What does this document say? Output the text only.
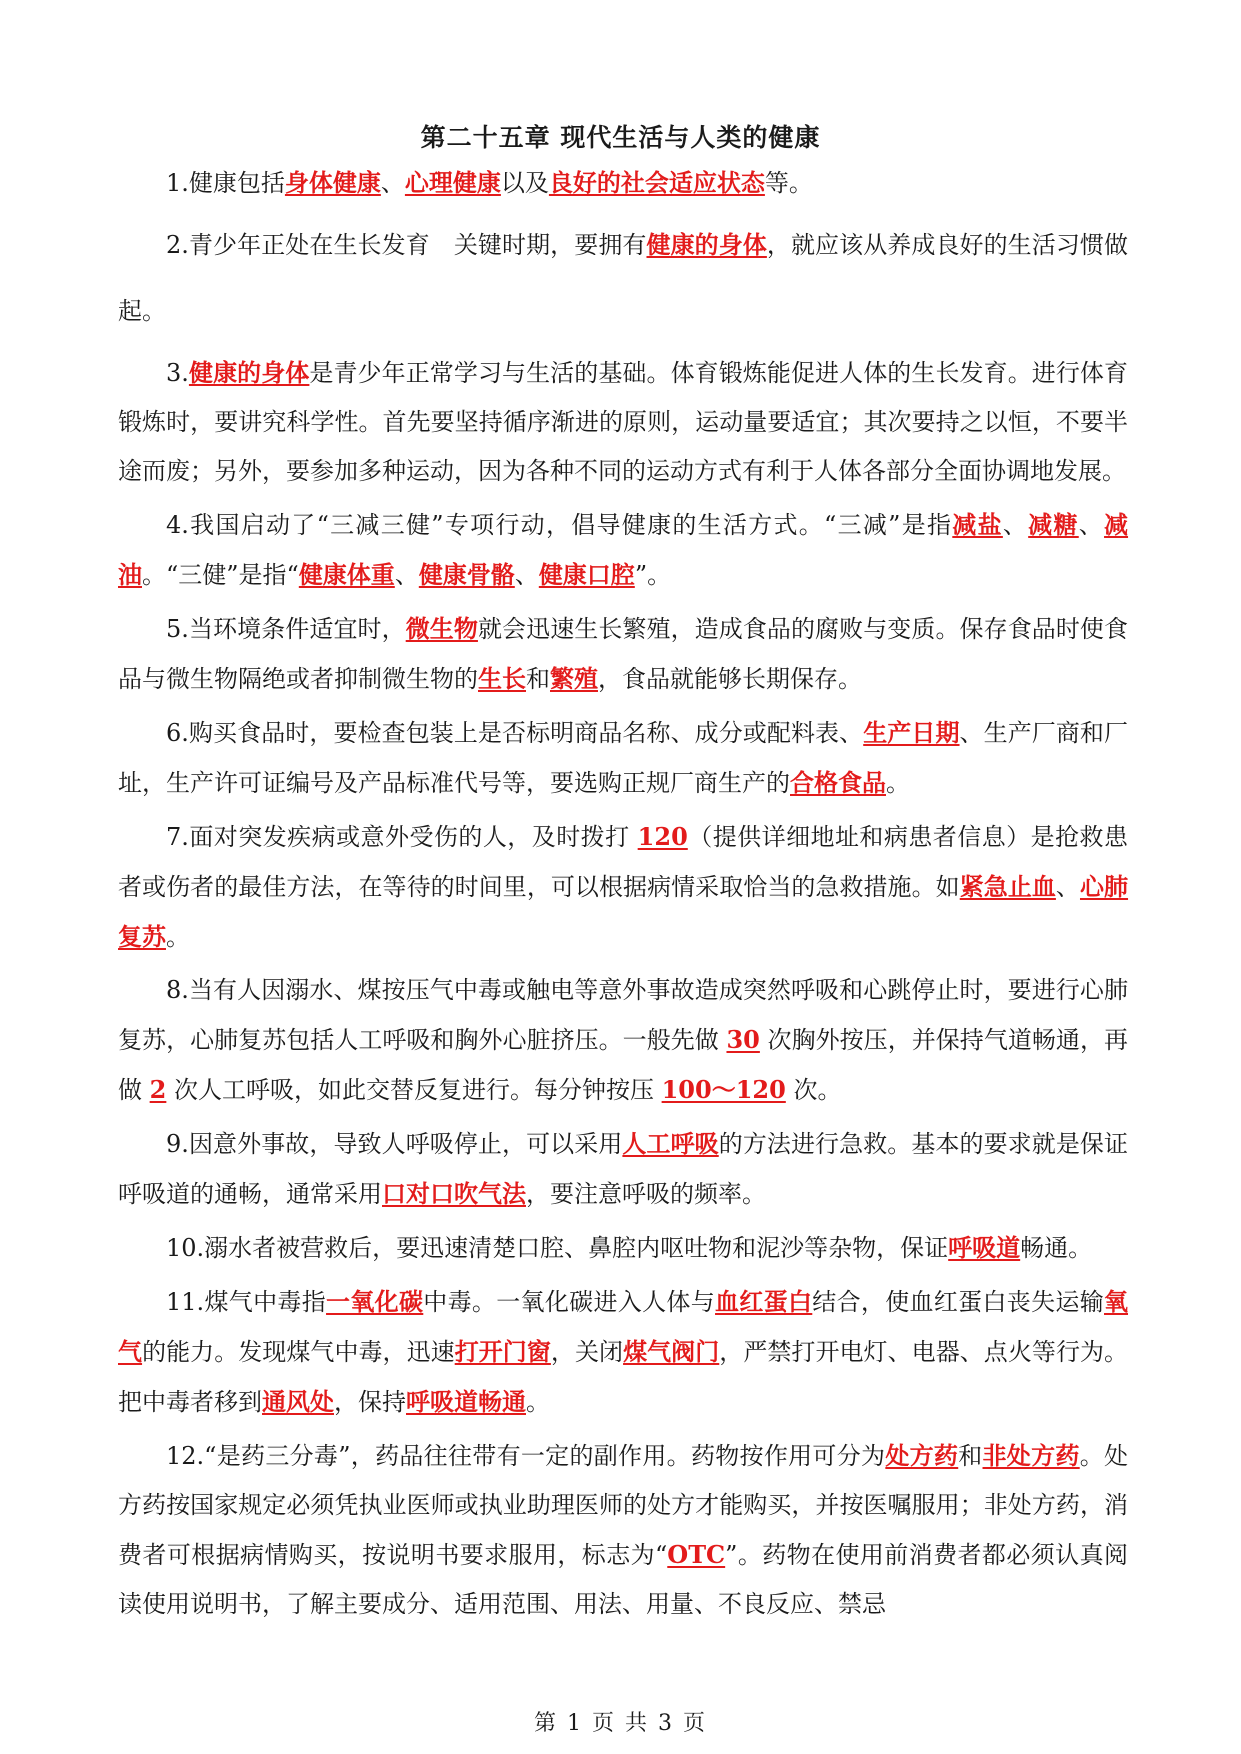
第二十五章 现代生活与人类的健康

1.健康包括身体健康、心理健康以及良好的社会适应状态等。

2.青少年正处在生长发育　关键时期，要拥有健康的身体，就应该从养成良好的生活习惯做起。

3.健康的身体是青少年正常学习与生活的基础。体育锻炼能促进人体的生长发育。进行体育锻炼时，要讲究科学性。首先要坚持循序渐进的原则，运动量要适宜；其次要持之以恒，不要半途而废；另外，要参加多种运动，因为各种不同的运动方式有利于人体各部分全面协调地发展。

4.我国启动了“三减三健”专项行动，倡导健康的生活方式。“三减”是指减盐、减糖、减油。“三健”是指“健康体重、健康骨骼、健康口腔”。

5.当环境条件适宜时，微生物就会迅速生长繁殖，造成食品的腐败与变质。保存食品时使食品与微生物隔绝或者抑制微生物的生长和繁殖，食品就能够长期保存。

6.购买食品时，要检查包装上是否标明商品名称、成分或配料表、生产日期、生产厂商和厂址，生产许可证编号及产品标准代号等，要选购正规厂商生产的合格食品。

7.面对突发疾病或意外受伤的人，及时拨打 120（提供详细地址和病患者信息）是抢救患者或伤者的最佳方法，在等待的时间里，可以根据病情采取恰当的急救措施。如紧急止血、心肺复苏。

8.当有人因溺水、煤按压气中毒或触电等意外事故造成突然呼吸和心跳停止时，要进行心肺复苏，心肺复苏包括人工呼吸和胸外心脏挤压。一般先做 30 次胸外按压，并保持气道畅通，再做 2 次人工呼吸，如此交替反复进行。每分钟按压 100～120 次。

9.因意外事故，导致人呼吸停止，可以采用人工呼吸的方法进行急救。基本的要求就是保证呼吸道的通畅，通常采用口对口吹气法，要注意呼吸的频率。

10.溺水者被营救后，要迅速清楚口腔、鼻腔内呕吐物和泥沙等杂物，保证呼吸道畅通。

11.煤气中毒指一氧化碳中毒。一氧化碳进入人体与血红蛋白结合，使血红蛋白丧失运输氧气的能力。发现煤气中毒，迅速打开门窗，关闭煤气阀门，严禁打开电灯、电器、点火等行为。把中毒者移到通风处，保持呼吸道畅通。

12.“是药三分毒”，药品往往带有一定的副作用。药物按作用可分为处方药和非处方药。处方药按国家规定必须凭执业医师或执业助理医师的处方才能购买，并按医嘱服用；非处方药，消费者可根据病情购买，按说明书要求服用，标志为“OTC”。药物在使用前消费者都必须认真阅读使用说明书，了解主要成分、适用范围、用法、用量、不良反应、禁忌

第 1 页 共 3 页
